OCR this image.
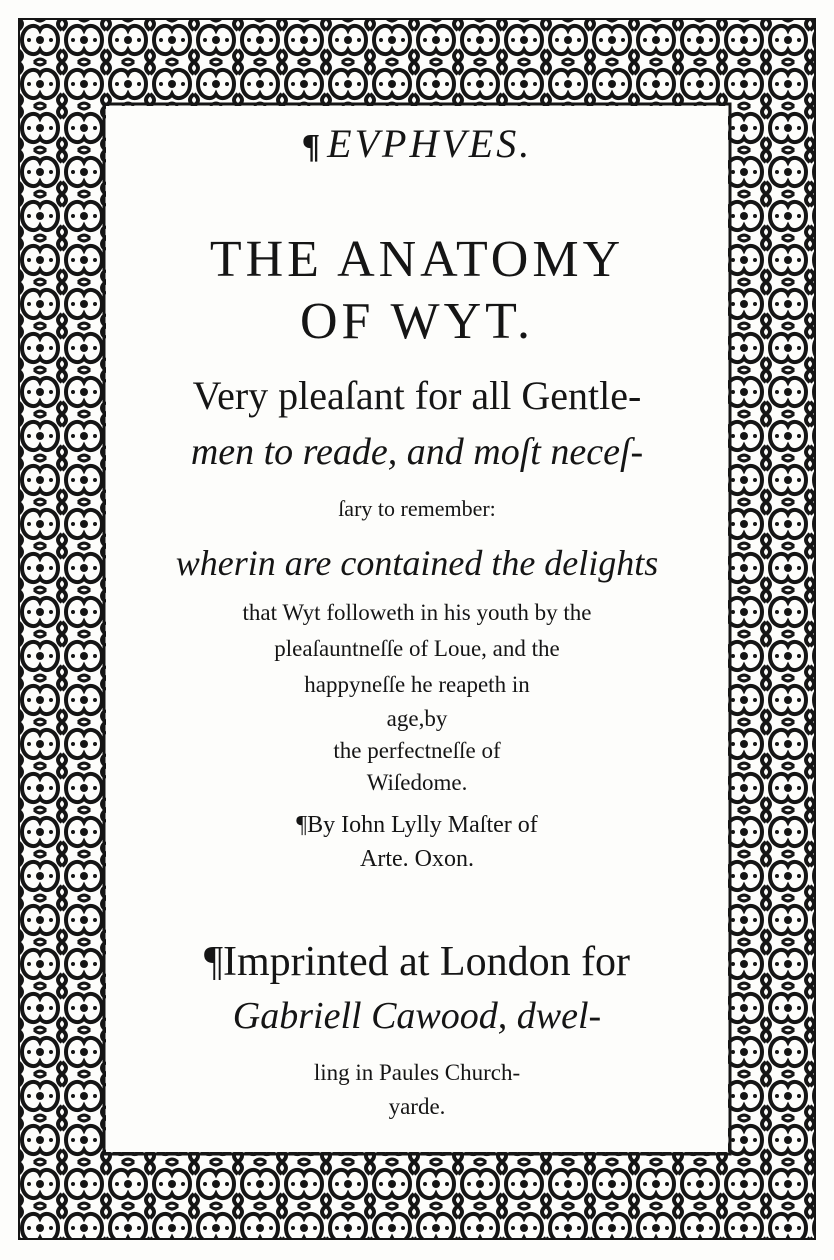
¶ EVPHVES.
THE ANATOMY
OF WYT.
Very pleaſant for all Gentle-
men to reade, and moſt neceſ-
ſary to remember:
wherin are contained the delights
that Wyt followeth in his youth by the
pleaſauntneſſe of Loue, and the
happyneſſe he reapeth in
age,by
the perfectneſſe of
Wiſedome.
¶By Iohn Lylly Maſter of
Arte. Oxon.
¶Imprinted at London for
Gabriell Cawood, dwel-
ling in Paules Church-
yarde.
